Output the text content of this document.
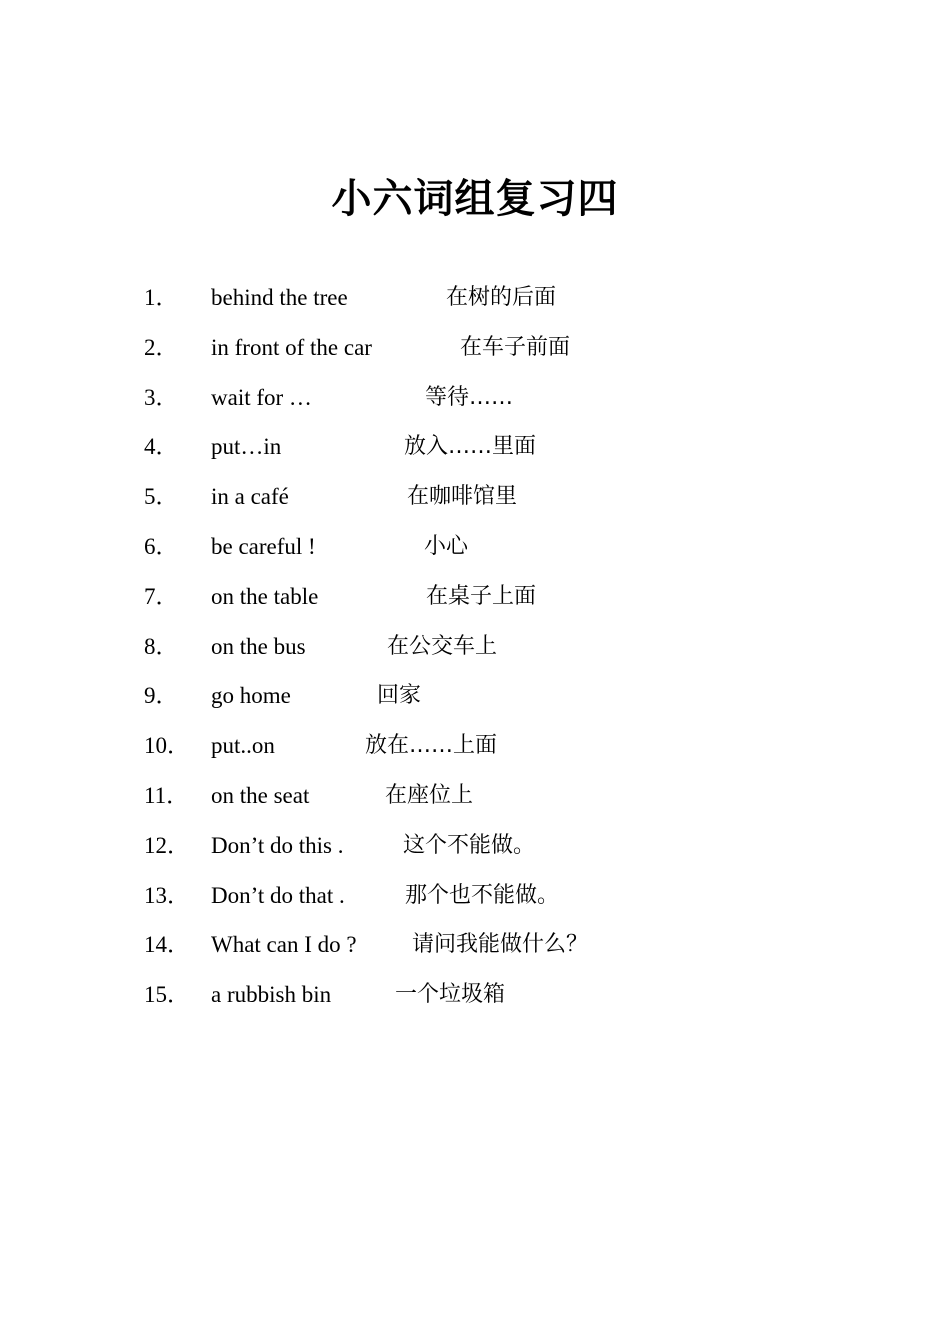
小六词组复习四
1． behind the tree	在树的后面
2． in front of the car	在车子前面
3． wait for …	等待……
4． put…in	放入……里面
5． in a café	在咖啡馆里
6． be careful !	小心
7． on the table	在桌子上面
8． on the bus	在公交车上
9． go home	回家
10． put..on	放在……上面
11． on the seat	在座位上
12． Don’t do this .	这个不能做。
13． Don’t do that .	那个也不能做。
14． What can I do ?	请问我能做什么？
15． a rubbish bin	一个垃圾箱
